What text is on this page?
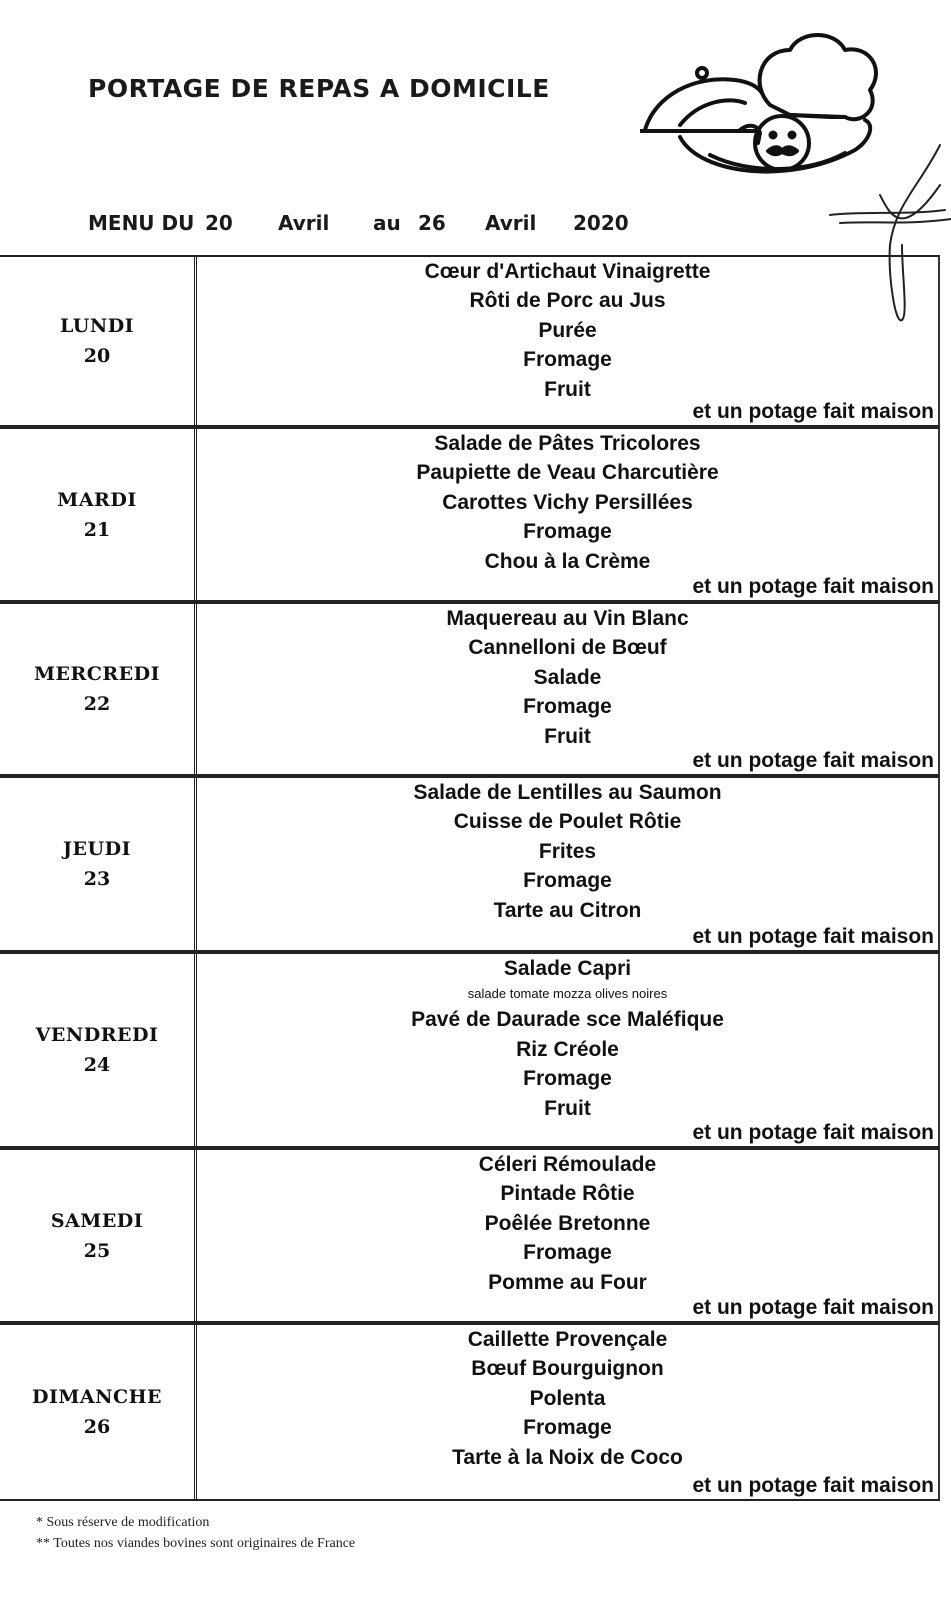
PORTAGE DE REPAS A DOMICILE
MENU DU 20 Avril au 26 Avril 2020
LUNDI
20
Cœur d'Artichaut Vinaigrette
Rôti de Porc au Jus
Purée
Fromage
Fruit
et un potage fait maison
MARDI
21
Salade de Pâtes Tricolores
Paupiette de Veau Charcutière
Carottes Vichy Persillées
Fromage
Chou à la Crème
et un potage fait maison
MERCREDI
22
Maquereau au Vin Blanc
Cannelloni de Bœuf
Salade
Fromage
Fruit
et un potage fait maison
JEUDI
23
Salade de Lentilles au Saumon
Cuisse de Poulet Rôtie
Frites
Fromage
Tarte au Citron
et un potage fait maison
VENDREDI
24
Salade Capri
salade tomate mozza olives noires
Pavé de Daurade sce Maléfique
Riz Créole
Fromage
Fruit
et un potage fait maison
SAMEDI
25
Céleri Rémoulade
Pintade Rôtie
Poêlée Bretonne
Fromage
Pomme au Four
et un potage fait maison
DIMANCHE
26
Caillette Provençale
Bœuf Bourguignon
Polenta
Fromage
Tarte à la Noix de Coco
et un potage fait maison
* Sous réserve de modification
** Toutes nos viandes bovines sont originaires de France
